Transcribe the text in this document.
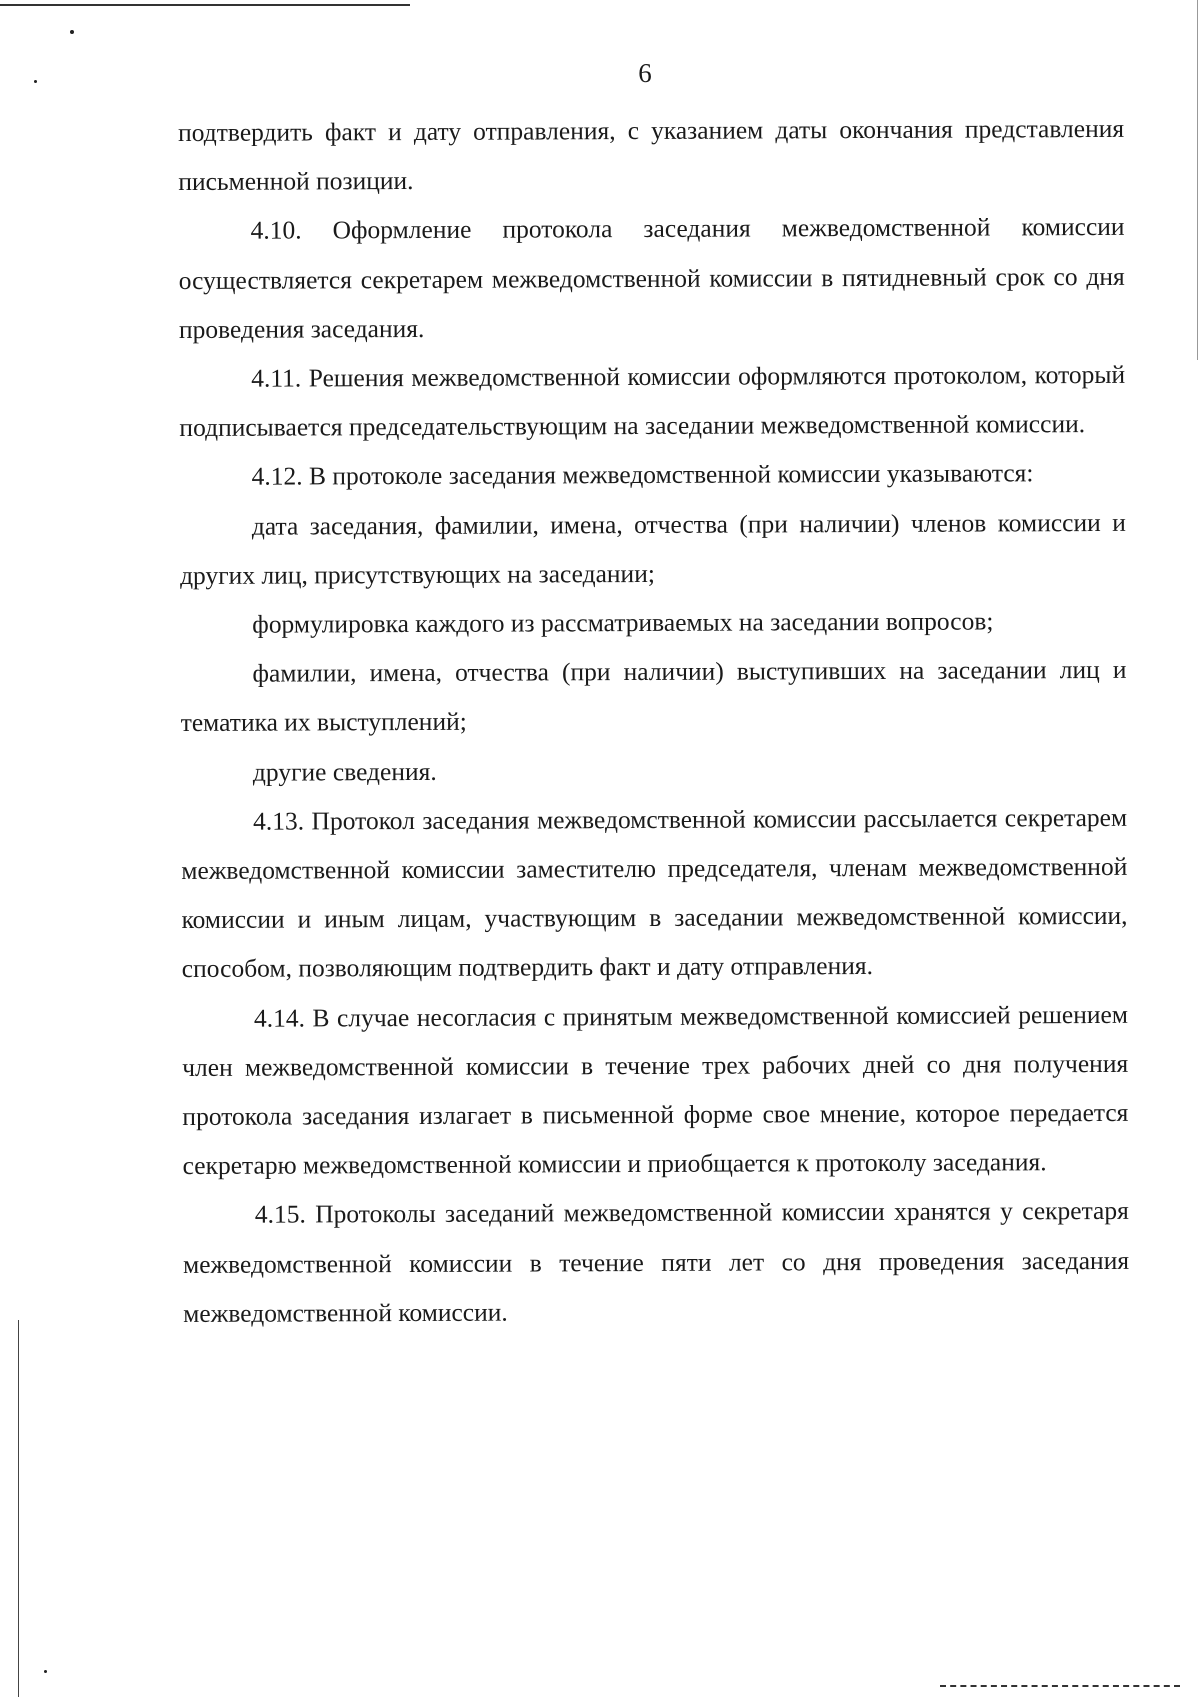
6

подтвердить факт и дату отправления, с указанием даты окончания представления письменной позиции.

4.10. Оформление протокола заседания межведомственной комиссии осуществляется секретарем межведомственной комиссии в пятидневный срок со дня проведения заседания.

4.11. Решения межведомственной комиссии оформляются протоколом, который подписывается председательствующим на заседании межведомственной комиссии.

4.12. В протоколе заседания межведомственной комиссии указываются:

дата заседания, фамилии, имена, отчества (при наличии) членов комиссии и других лиц, присутствующих на заседании;

формулировка каждого из рассматриваемых на заседании вопросов;

фамилии, имена, отчества (при наличии) выступивших на заседании лиц и тематика их выступлений;

другие сведения.

4.13. Протокол заседания межведомственной комиссии рассылается секретарем межведомственной комиссии заместителю председателя, членам межведомственной комиссии и иным лицам, участвующим в заседании межведомственной комиссии, способом, позволяющим подтвердить факт и дату отправления.

4.14. В случае несогласия с принятым межведомственной комиссией решением член межведомственной комиссии в течение трех рабочих дней со дня получения протокола заседания излагает в письменной форме свое мнение, которое передается секретарю межведомственной комиссии и приобщается к протоколу заседания.

4.15. Протоколы заседаний межведомственной комиссии хранятся у секретаря межведомственной комиссии в течение пяти лет со дня проведения заседания межведомственной комиссии.
